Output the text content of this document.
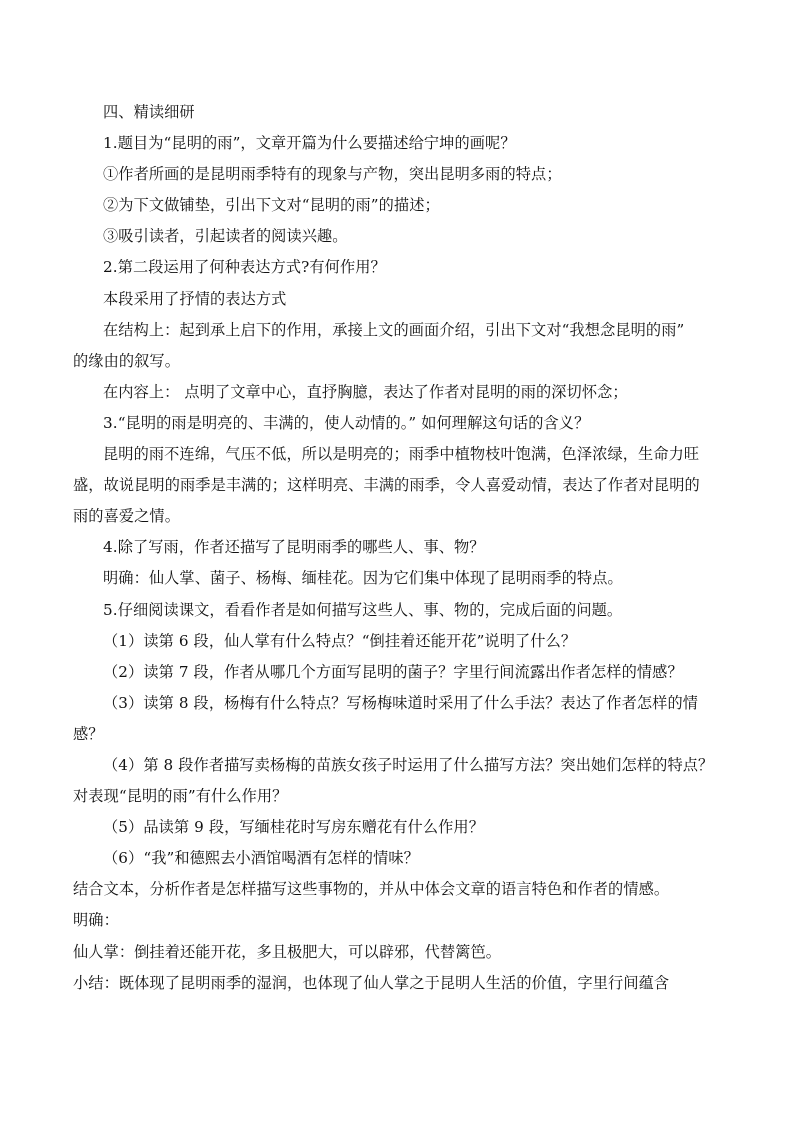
四、精读细研
1.题目为“昆明的雨”，文章开篇为什么要描述给宁坤的画呢？
①作者所画的是昆明雨季特有的现象与产物，突出昆明多雨的特点；
②为下文做铺垫，引出下文对“昆明的雨”的描述；
③吸引读者，引起读者的阅读兴趣。
2.第二段运用了何种表达方式?有何作用？
本段采用了抒情的表达方式
在结构上：起到承上启下的作用，承接上文的画面介绍，引出下文对“我想念昆明的雨”
的缘由的叙写。
在内容上： 点明了文章中心，直抒胸臆，表达了作者对昆明的雨的深切怀念；
3.“昆明的雨是明亮的、丰满的，使人动情的。” 如何理解这句话的含义？
昆明的雨不连绵，气压不低，所以是明亮的；雨季中植物枝叶饱满，色泽浓绿，生命力旺
盛，故说昆明的雨季是丰满的；这样明亮、丰满的雨季，令人喜爱动情，表达了作者对昆明的
雨的喜爱之情。
4.除了写雨，作者还描写了昆明雨季的哪些人、事、物？
明确：仙人掌、菌子、杨梅、缅桂花。因为它们集中体现了昆明雨季的特点。
5.仔细阅读课文，看看作者是如何描写这些人、事、物的，完成后面的问题。
（1）读第 6 段，仙人掌有什么特点？“倒挂着还能开花”说明了什么？
（2）读第 7 段，作者从哪几个方面写昆明的菌子？字里行间流露出作者怎样的情感？
（3）读第 8 段，杨梅有什么特点？写杨梅味道时采用了什么手法？表达了作者怎样的情
感？
（4）第 8 段作者描写卖杨梅的苗族女孩子时运用了什么描写方法？突出她们怎样的特点？
对表现“昆明的雨”有什么作用？
（5）品读第 9 段，写缅桂花时写房东赠花有什么作用？
（6）“我”和德熙去小酒馆喝酒有怎样的情味？
结合文本，分析作者是怎样描写这些事物的，并从中体会文章的语言特色和作者的情感。
明确：
仙人掌：倒挂着还能开花，多且极肥大，可以辟邪，代替篱笆。
小结：既体现了昆明雨季的湿润，也体现了仙人掌之于昆明人生活的价值，字里行间蕴含
